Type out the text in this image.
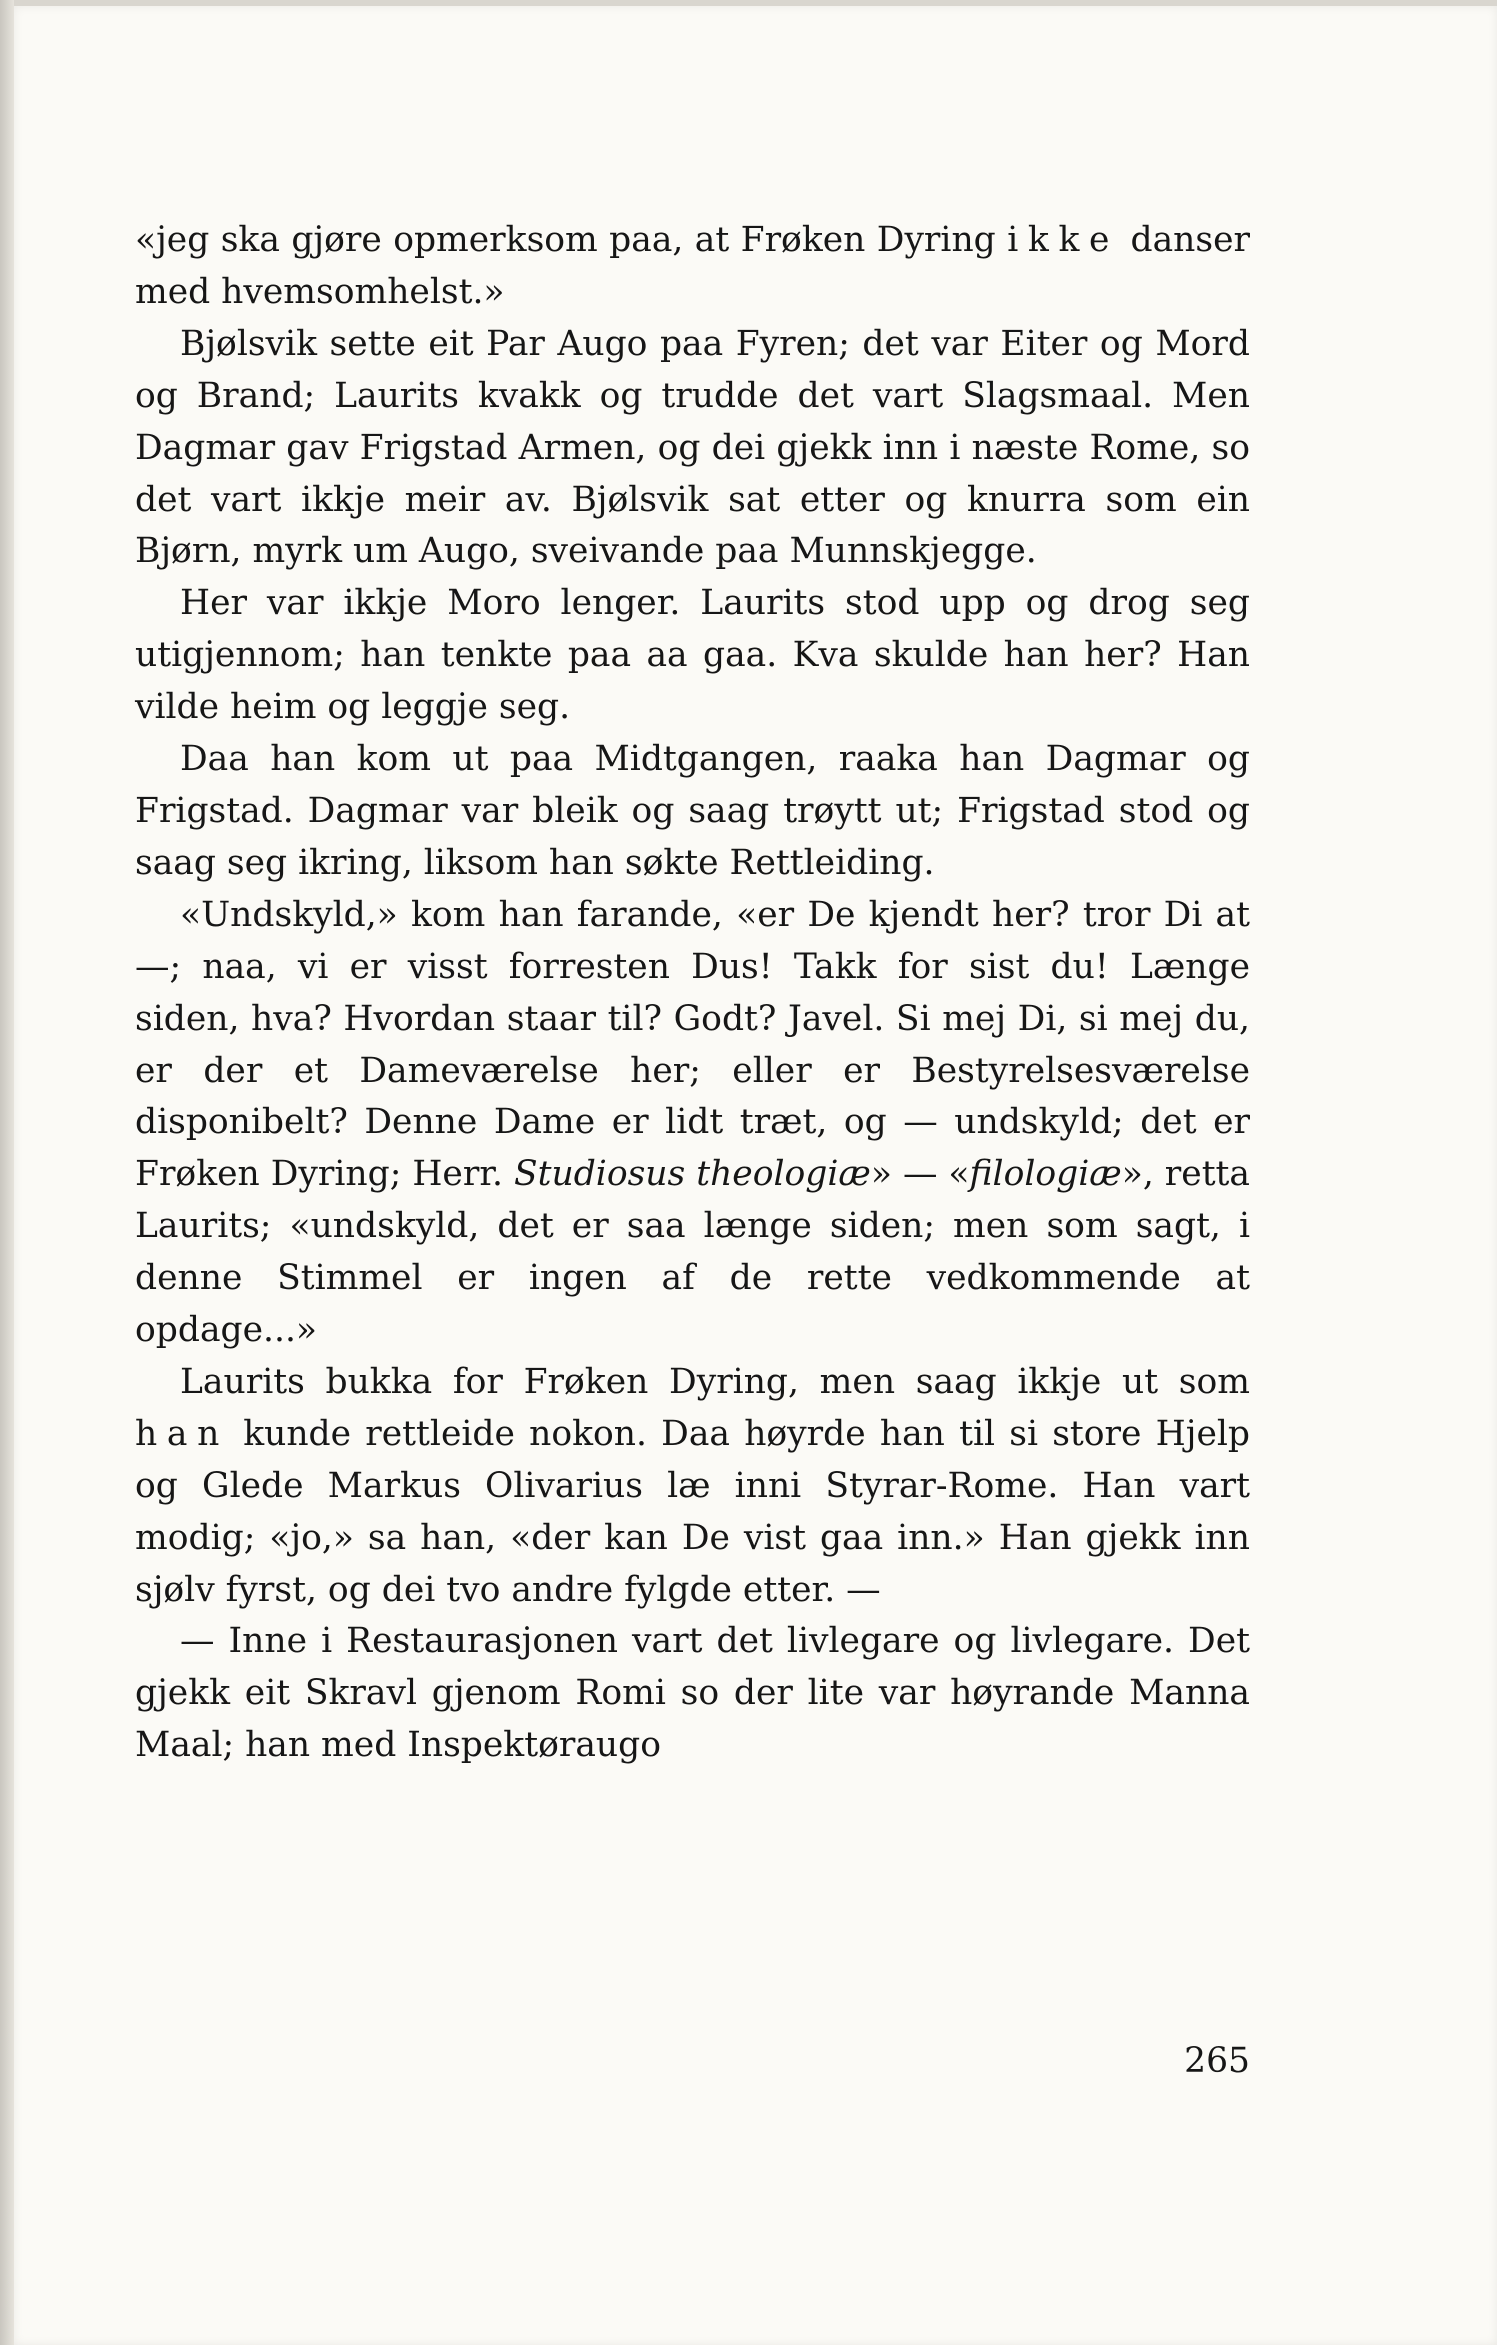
«jeg ska gjøre opmerksom paa, at Frøken Dyring ikke danser med hvemsomhelst.»

Bjølsvik sette eit Par Augo paa Fyren; det var Eiter og Mord og Brand; Laurits kvakk og trudde det vart Slagsmaal. Men Dagmar gav Frigstad Armen, og dei gjekk inn i næste Rome, so det vart ikkje meir av. Bjølsvik sat etter og knurra som ein Bjørn, myrk um Augo, sveivande paa Munnskjegge.

Her var ikkje Moro lenger. Laurits stod upp og drog seg utigjennom; han tenkte paa aa gaa. Kva skulde han her? Han vilde heim og leggje seg.

Daa han kom ut paa Midtgangen, raaka han Dagmar og Frigstad. Dagmar var bleik og saag trøytt ut; Frigstad stod og saag seg ikring, liksom han søkte Rettleiding.

«Undskyld,» kom han farande, «er De kjendt her? tror Di at —; naa, vi er visst forresten Dus! Takk for sist du! Længe siden, hva? Hvordan staar til? Godt? Javel. Si mej Di, si mej du, er der et Dameværelse her; eller er Bestyrelsesværelse disponibelt? Denne Dame er lidt træt, og — undskyld; det er Frøken Dyring; Herr. Studiosus theologiæ» — «filologiæ», retta Laurits; «undskyld, det er saa længe siden; men som sagt, i denne Stimmel er ingen af de rette vedkommende at opdage...»

Laurits bukka for Frøken Dyring, men saag ikkje ut som han kunde rettleide nokon. Daa høyrde han til si store Hjelp og Glede Markus Olivarius læ inni Styrar-Rome. Han vart modig; «jo,» sa han, «der kan De vist gaa inn.» Han gjekk inn sjølv fyrst, og dei tvo andre fylgde etter. —

— Inne i Restaurasjonen vart det livlegare og livlegare. Det gjekk eit Skravl gjenom Romi so der lite var høyrande Manna Maal; han med Inspektøraugo

265
